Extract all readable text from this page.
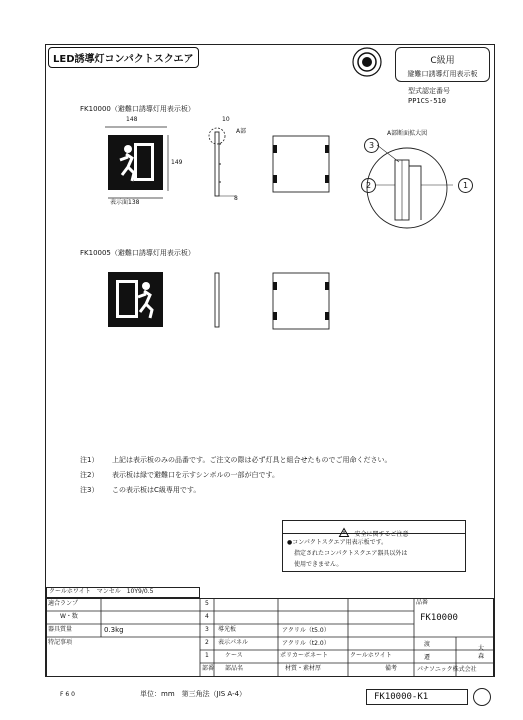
LED誘導灯コンパクトスクエア	C級用
避難口誘導灯用表示板
型式認定番号
PP1CS-510
FK10000（避難口誘導灯用表示板）
148
149
表示面138
10
A部
8
A部断面拡大図
3
2	1
FK10005（避難口誘導灯用表示板）
注1） 上記は表示板のみの品番です。ご注文の際は必ず灯具と組合せたものでご用命ください。
注2） 表示板は緑で避難口を示すシンボルの一部が白です。
注3） この表示板はC級専用です。
安全に関するご注意
●コンパクトスクエア用表示板です。
指定されたコンパクトスクエア器具以外は
使用できません。
クールホワイト　マンセル　10Y9/0.5
適合ランプ
W・数
器具質量	0.3kg
特記事項
5
4
3 導光板	アクリル（t5.0）
2 表示パネル	アクリル（t2.0）
1	ケース	ポリカーボネート	クールホワイト
部番 部品名	材質・素材厚	備考
品番
FK10000
渡
遷
大
森
パナソニック株式会社
F 6 0	単位：mm　第三角法（JIS A-4）	FK10000-K1
